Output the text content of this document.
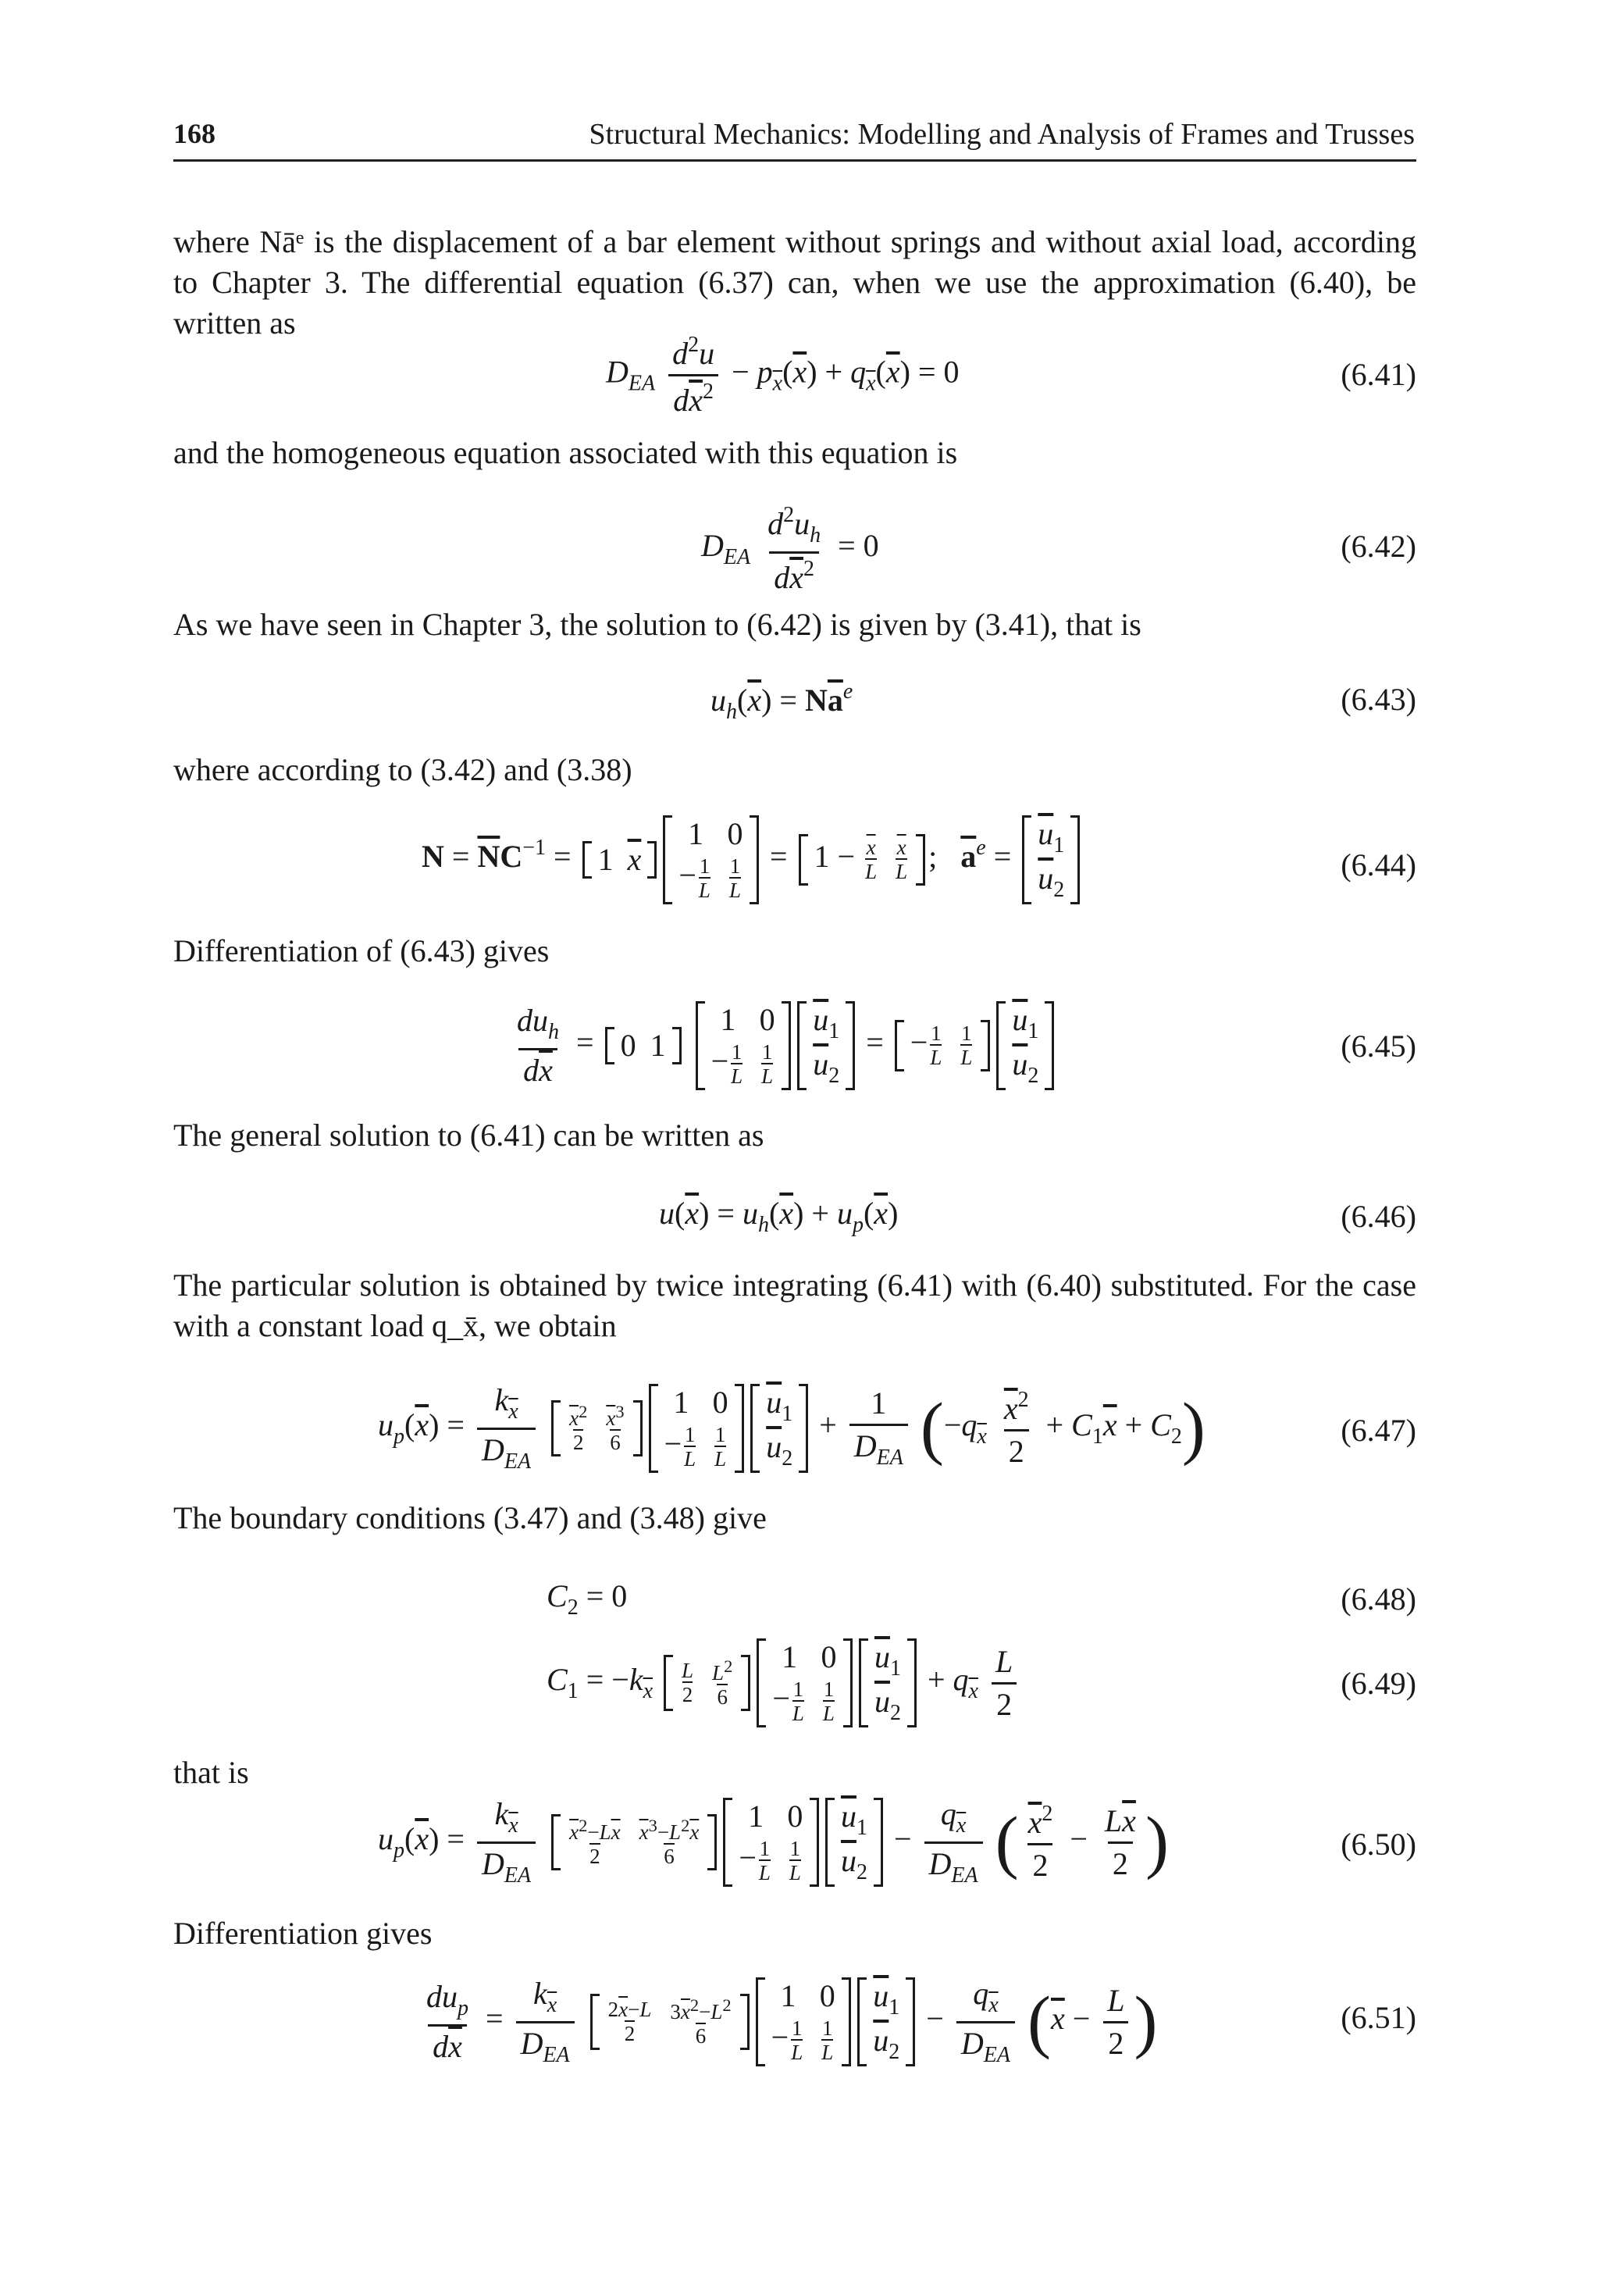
168	Structural Mechanics: Modelling and Analysis of Frames and Trusses
where Nāᵉ is the displacement of a bar element without springs and without axial load, according to Chapter 3. The differential equation (6.37) can, when we use the approximation (6.40), be written as
$D_{EA} \frac{d^2u}{d\overline{x}^2} - p_{\overline{x}}(\overline{x}) + q_{\overline{x}}(\overline{x}) = 0$	(6.41)
and the homogeneous equation associated with this equation is
$D_{EA} \frac{d^2u_h}{d\overline{x}^2} = 0$	(6.42)
As we have seen in Chapter 3, the solution to (6.42) is given by (3.41), that is
$u_h(\overline{x}) = N\overline{a}^e$	(6.43)
where according to (3.42) and (3.38)
$N = \overline{N}C^{-1} = 1$ $\overline{x}$
1 0
− $\frac{1}{L} 1$
L
= $1 - \frac{\overline{x}}{L} \overline{x}$
L ;   $\overline{a}^e$ =
$\overline{u}_1$
$\overline{u}_2$
(6.44)
Differentiation of (6.43) gives
$\frac{du_h}{d\overline{x}} = 0$ 1

1 0
− $\frac{1}{L} 1$
L
$\overline{u}_1$
$\overline{u}_2$
= − $\frac{1}{L} 1$
L
$\overline{u}_1$
$\overline{u}_2$
(6.45)
The general solution to (6.41) can be written as
$u(\overline{x}) = u_h(\overline{x}) + u_p(\overline{x})$	(6.46)
The particular solution is obtained by twice integrating (6.41) with (6.40) substituted. For the case with a constant load q_x̄, we obtain
$u_p(\overline{x}) = \frac{k_{\overline{x}}}{D_{EA}}$
$\overline{x}^2$
2
$\overline{x}^3$
6
1 0
− $\frac{1}{L} 1$
L
$\overline{u}_1$
$\overline{u}_2$
+ $\frac{1}{D_{EA}} (-q_{\overline{x}} \frac{\overline{x}^2}{2} + C_1\overline{x} + C_2)$	(6.47)
The boundary conditions (3.47) and (3.48) give
$C_2 = 0$	(6.48)
$C_1 = -k_{\overline{x}}$
L
2
$L^2$
6
1 0
− $\frac{1}{L} 1$
L
$\overline{u}_1$
$\overline{u}_2$
+ $q_{\overline{x}} \frac{L}{2}$	(6.49)
that is
$u_p(\overline{x}) = \frac{k_{\overline{x}}}{D_{EA}}$
$\overline{x}^2-L\overline{x}$
2
$\overline{x}^3-L^2\overline{x}$
6
1 0
− $\frac{1}{L} 1$
L
$\overline{u}_1$
$\overline{u}_2$
− $\frac{q_{\overline{x}}}{D_{EA}}$ ( $\frac{\overline{x}^2}{2} - \frac{L\overline{x}}{2}$ )	(6.50)
Differentiation gives
$\frac{du_p}{d\overline{x}} = \frac{k_{\overline{x}}}{D_{EA}}$
$2\overline{x}-L$
2
$3\overline{x}^2-L^2$
6
1 0
− $\frac{1}{L} 1$
L
$\overline{u}_1$
$\overline{u}_2$
− $\frac{q_{\overline{x}}}{D_{EA}} (\overline{x} - \frac{L}{2}$ )	(6.51)
